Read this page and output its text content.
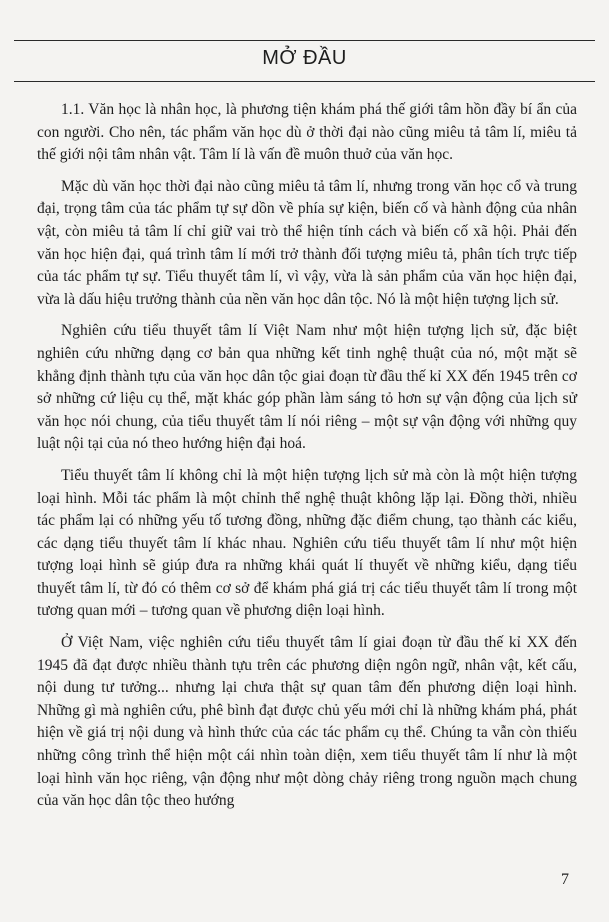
MỞ ĐẦU

1.1. Văn học là nhân học, là phương tiện khám phá thế giới tâm hồn đầy bí ẩn của con người. Cho nên, tác phẩm văn học dù ở thời đại nào cũng miêu tả tâm lí, miêu tả thế giới nội tâm nhân vật. Tâm lí là vấn đề muôn thuở của văn học.

Mặc dù văn học thời đại nào cũng miêu tả tâm lí, nhưng trong văn học cổ và trung đại, trọng tâm của tác phẩm tự sự dồn về phía sự kiện, biến cố và hành động của nhân vật, còn miêu tả tâm lí chỉ giữ vai trò thể hiện tính cách và biến cố xã hội. Phải đến văn học hiện đại, quá trình tâm lí mới trở thành đối tượng miêu tả, phân tích trực tiếp của tác phẩm tự sự. Tiểu thuyết tâm lí, vì vậy, vừa là sản phẩm của văn học hiện đại, vừa là dấu hiệu trưởng thành của nền văn học dân tộc. Nó là một hiện tượng lịch sử.

Nghiên cứu tiểu thuyết tâm lí Việt Nam như một hiện tượng lịch sử, đặc biệt nghiên cứu những dạng cơ bản qua những kết tinh nghệ thuật của nó, một mặt sẽ khẳng định thành tựu của văn học dân tộc giai đoạn từ đầu thế kỉ XX đến 1945 trên cơ sở những cứ liệu cụ thể, mặt khác góp phần làm sáng tỏ hơn sự vận động của lịch sử văn học nói chung, của tiểu thuyết tâm lí nói riêng – một sự vận động với những quy luật nội tại của nó theo hướng hiện đại hoá.

Tiểu thuyết tâm lí không chỉ là một hiện tượng lịch sử mà còn là một hiện tượng loại hình. Mỗi tác phẩm là một chỉnh thể nghệ thuật không lặp lại. Đồng thời, nhiều tác phẩm lại có những yếu tố tương đồng, những đặc điểm chung, tạo thành các kiểu, các dạng tiểu thuyết tâm lí khác nhau. Nghiên cứu tiểu thuyết tâm lí như một hiện tượng loại hình sẽ giúp đưa ra những khái quát lí thuyết về những kiểu, dạng tiểu thuyết tâm lí, từ đó có thêm cơ sở để khám phá giá trị các tiểu thuyết tâm lí trong một tương quan mới – tương quan về phương diện loại hình.

Ở Việt Nam, việc nghiên cứu tiểu thuyết tâm lí giai đoạn từ đầu thế kỉ XX đến 1945 đã đạt được nhiều thành tựu trên các phương diện ngôn ngữ, nhân vật, kết cấu, nội dung tư tưởng... nhưng lại chưa thật sự quan tâm đến phương diện loại hình. Những gì mà nghiên cứu, phê bình đạt được chủ yếu mới chỉ là những khám phá, phát hiện về giá trị nội dung và hình thức của các tác phẩm cụ thể. Chúng ta vẫn còn thiếu những công trình thể hiện một cái nhìn toàn diện, xem tiểu thuyết tâm lí như là một loại hình văn học riêng, vận động như một dòng chảy riêng trong nguồn mạch chung của văn học dân tộc theo hướng

7
